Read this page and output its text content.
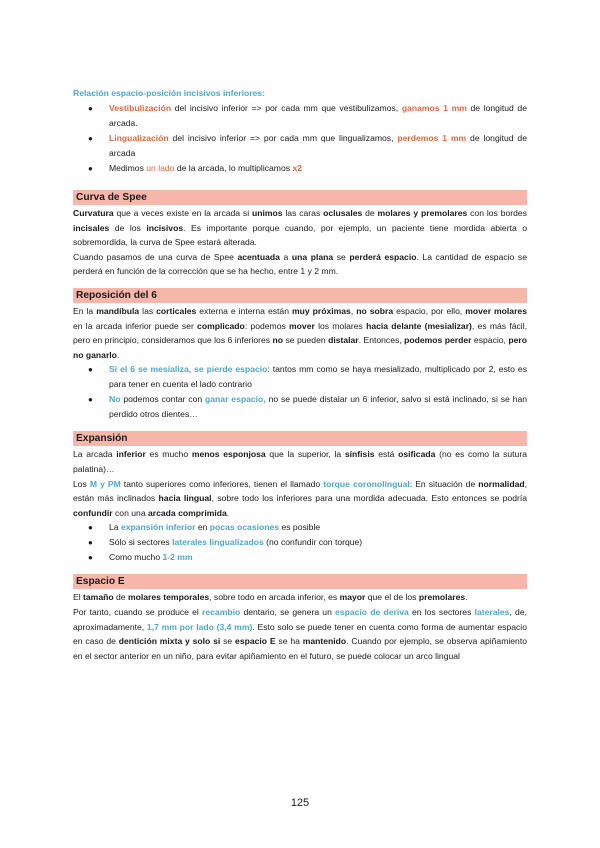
Relación espacio-posición incisivos inferiores:
● Vestibulización del incisivo inferior => por cada mm que vestibulizamos, ganamos 1 mm de longitud de arcada.
● Lingualización del incisivo inferior => por cada mm que lingualizamos, perdemos 1 mm de longitud de arcada
● Medimos un lado de la arcada, lo multiplicamos x2
Curva de Spee

Curvatura que a veces existe en la arcada si unimos las caras oclusales de molares y premolares con los bordes incisales de los incisivos. Es importante porque cuando, por ejemplo, un paciente tiene mordida abierta o sobremordida, la curva de Spee estará alterada.

Cuando pasamos de una curva de Spee acentuada a una plana se perderá espacio. La cantidad de espacio se perderá en función de la corrección que se ha hecho, entre 1 y 2 mm.

Reposición del 6

En la mandíbula las corticales externa e interna están muy próximas, no sobra espacio, por ello, mover molares en la arcada inferior puede ser complicado: podemos mover los molares hacia delante (mesializar), es más fácil, pero en principio, consideramos que los 6 inferiores no se pueden distalar. Entonces, podemos perder espacio, pero no ganarlo.

● Si el 6 se mesializa, se pierde espacio: tantos mm como se haya mesializado, multiplicado por 2, esto es para tener en cuenta el lado contrario
● No podemos contar con ganar espacio, no se puede distalar un 6 inferior, salvo si está inclinado, si se han perdido otros dientes…
Expansión

La arcada inferior es mucho menos esponjosa que la superior, la sínfisis está osificada (no es como la sutura palatina)…

Los M y PM tanto superiores como inferiores, tienen el llamado torque coronolingual: En situación de normalidad, están más inclinados hacia lingual, sobre todo los inferiores para una mordida adecuada. Esto entonces se podría confundir con una arcada comprimida.

● La expansión inferior en pocas ocasiones es posible
● Sólo si sectores laterales lingualizados (no confundir con torque)
● Como mucho 1-2 mm
Espacio E

El tamaño de molares temporales, sobre todo en arcada inferior, es mayor que el de los premolares.

Por tanto, cuando se produce el recambio dentario, se genera un espacio de deriva en los sectores laterales, de, aproximadamente, 1,7 mm por lado (3,4 mm). Esto solo se puede tener en cuenta como forma de aumentar espacio en caso de dentición mixta y solo si se espacio E se ha mantenido. Cuando por ejemplo, se observa apiñamiento en el sector anterior en un niño, para evitar apiñamiento en el futuro, se puede colocar un arco lingual

125
